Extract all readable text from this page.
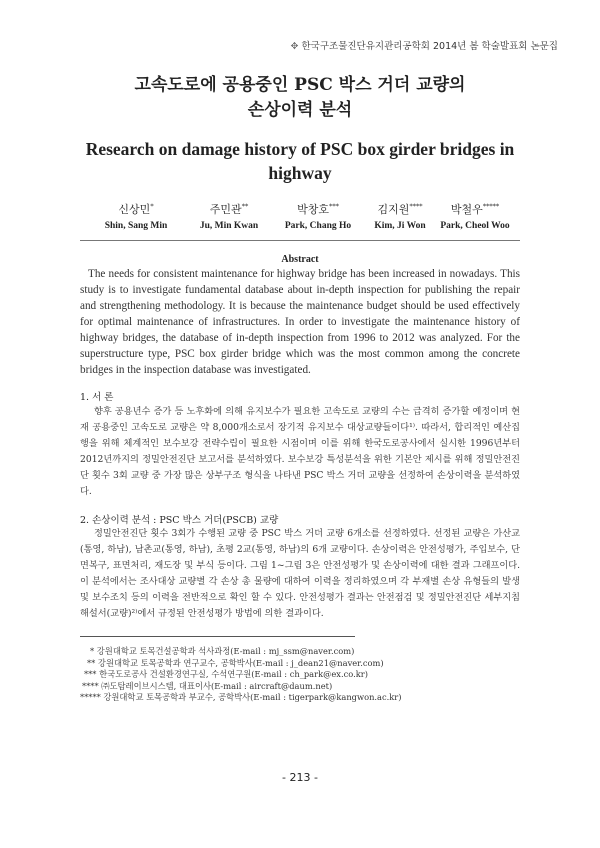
✥ 한국구조물진단유지관리공학회 2014년 봄 학술발표회 논문집
고속도로에 공용중인 PSC 박스 거더 교량의
손상이력 분석
Research on damage history of PSC box girder bridges in highway
신상민*
Shin, Sang Min
주민관**
Ju, Min Kwan
박창호***
Park, Chang Ho
김지원****
Kim, Ji Won
박철우*****
Park, Cheol Woo
Abstract
The needs for consistent maintenance for highway bridge has been increased in nowadays. This study is to investigate fundamental database about in-depth inspection for publishing the repair and strengthening methodology. It is because the maintenance budget should be used effectively for optimal maintenance of infrastructures. In order to investigate the maintenance history of highway bridges, the database of in-depth inspection from 1996 to 2012 was analyzed. For the superstructure type, PSC box girder bridge which was the most common among the concrete bridges in the inspection database was investigated.
1. 서 론
향후 공용년수 증가 등 노후화에 의해 유지보수가 필요한 고속도로 교량의 수는 급격히 증가할 예정이며 현재 공용중인 고속도로 교량은 약 8,000개소로서 장기적 유지보수 대상교량들이다¹⁾. 따라서, 합리적인 예산집행을 위해 체계적인 보수보강 전략수립이 필요한 시점이며 이를 위해 한국도로공사에서 실시한 1996년부터 2012년까지의 정밀안전진단 보고서를 분석하였다. 보수보강 특성분석을 위한 기본안 제시를 위해 정밀안전진단 횟수 3회 교량 중 가장 많은 상부구조 형식을 나타낸 PSC 박스 거더 교량을 선정하여 손상이력을 분석하였다.
2. 손상이력 분석 : PSC 박스 거더(PSCB) 교량
정밀안전진단 횟수 3회가 수행된 교량 중 PSC 박스 거더 교량 6개소를 선정하였다. 선정된 교량은 가산교(통영, 하남), 남촌교(통영, 하남), 초평 2교(통영, 하남)의 6개 교량이다. 손상이력은 안전성평가, 주입보수, 단면복구, 표면처리, 재도장 및 부식 등이다. 그림 1~그림 3은 안전성평가 및 손상이력에 대한 결과 그래프이다. 이 분석에서는 조사대상 교량별 각 손상 총 물량에 대하여 이력을 정리하였으며 각 부재별 손상 유형들의 발생 및 보수조치 등의 이력을 전반적으로 확인 할 수 있다. 안전성평가 결과는 안전점검 및 정밀안전진단 세부지침해설서(교량)²⁾에서 규정된 안전성평가 방법에 의한 결과이다.
* 강원대학교 토목건설공학과 석사과정(E-mail : mj_ssm@naver.com)
** 강원대학교 토목공학과 연구교수, 공학박사(E-mail : j_dean21@naver.com)
*** 한국도로공사 건설환경연구실, 수석연구원(E-mail : ch_park@ex.co.kr)
**** ㈜도탐레이브시스템, 대표이사(E-mail : aircraft@daum.net)
***** 강원대학교 토목공학과 부교수, 공학박사(E-mail : tigerpark@kangwon.ac.kr)
- 213 -
